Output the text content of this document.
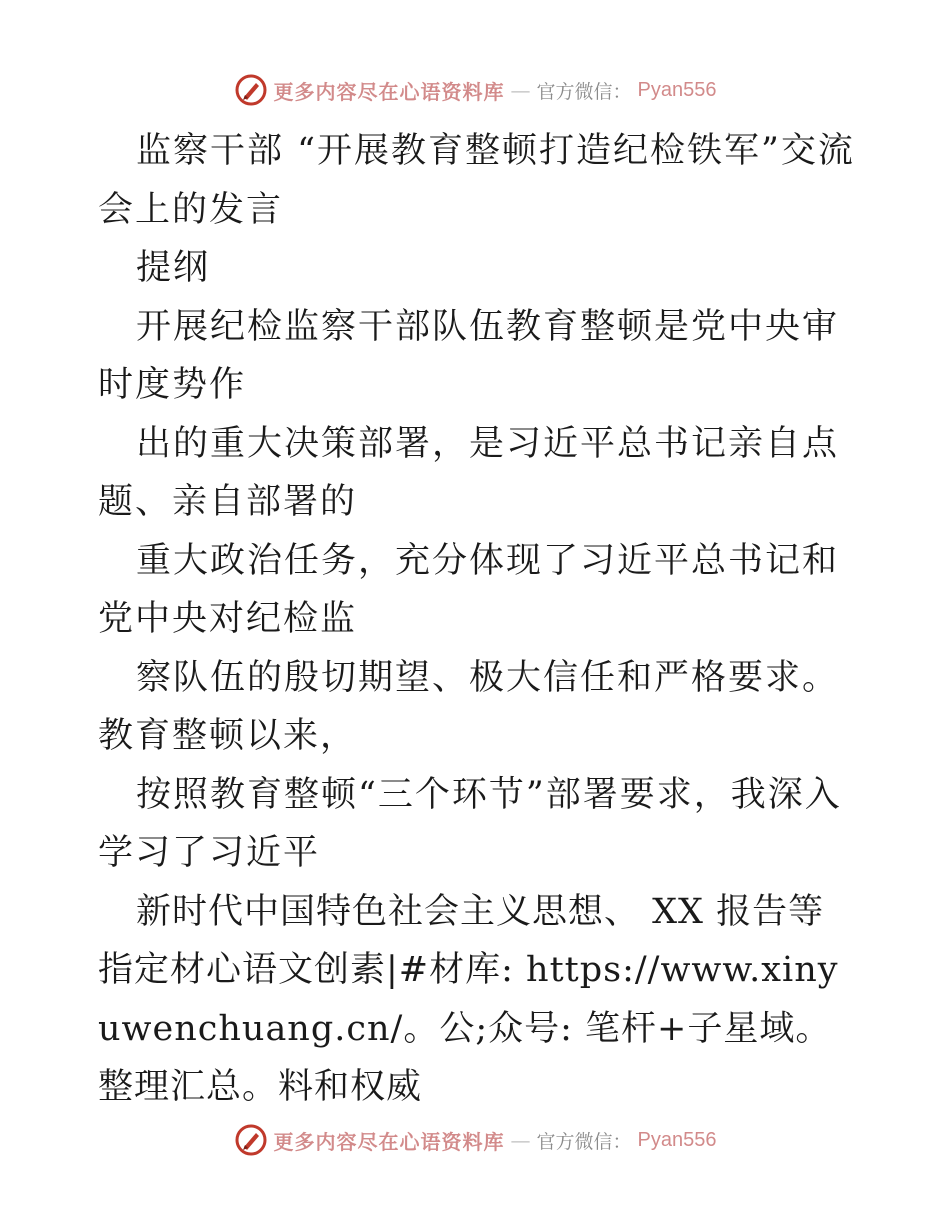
更多内容尽在心语资料库 — 官方微信： Pyan556

监察干部 “开展教育整顿打造纪检铁军”交流会上的发言

提纲

开展纪检监察干部队伍教育整顿是党中央审时度势作

出的重大决策部署，是习近平总书记亲自点题、亲自部署的

重大政治任务，充分体现了习近平总书记和党中央对纪检监

察队伍的殷切期望、极大信任和严格要求。教育整顿以来，

按照教育整顿“三个环节”部署要求，我深入学习了习近平

新时代中国特色社会主义思想、 XX 报告等指定材心语文创素|#材库: https://www.xinyuwenchuang.cn/。公;众号: 笔杆+子星域。整理汇总。料和权威

更多内容尽在心语资料库 — 官方微信： Pyan556
